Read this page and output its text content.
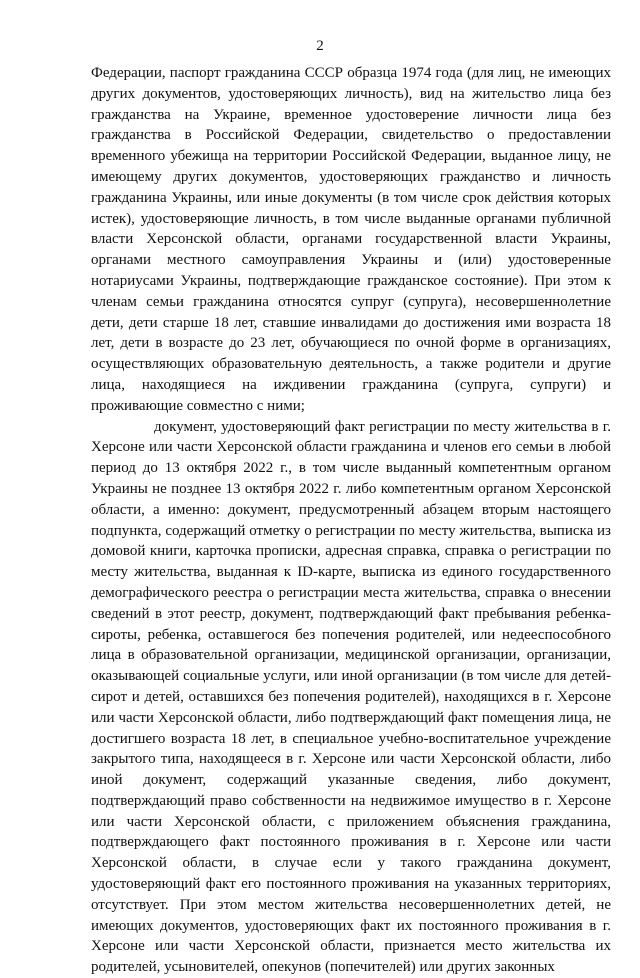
2

Федерации, паспорт гражданина СССР образца 1974 года (для лиц, не имеющих других документов, удостоверяющих личность), вид на жительство лица без гражданства на Украине, временное удостоверение личности лица без гражданства в Российской Федерации, свидетельство о предоставлении временного убежища на территории Российской Федерации, выданное лицу, не имеющему других документов, удостоверяющих гражданство и личность гражданина Украины, или иные документы (в том числе срок действия которых истек), удостоверяющие личность, в том числе выданные органами публичной власти Херсонской области, органами государственной власти Украины, органами местного самоуправления Украины и (или) удостоверенные нотариусами Украины, подтверждающие гражданское состояние). При этом к членам семьи гражданина относятся супруг (супруга), несовершеннолетние дети, дети старше 18 лет, ставшие инвалидами до достижения ими возраста 18 лет, дети в возрасте до 23 лет, обучающиеся по очной форме в организациях, осуществляющих образовательную деятельность, а также родители и другие лица, находящиеся на иждивении гражданина (супруга, супруги) и проживающие совместно с ними;

документ, удостоверяющий факт регистрации по месту жительства в г. Херсоне или части Херсонской области гражданина и членов его семьи в любой период до 13 октября 2022 г., в том числе выданный компетентным органом Украины не позднее 13 октября 2022 г. либо компетентным органом Херсонской области, а именно: документ, предусмотренный абзацем вторым настоящего подпункта, содержащий отметку о регистрации по месту жительства, выписка из домовой книги, карточка прописки, адресная справка, справка о регистрации по месту жительства, выданная к ID-карте, выписка из единого государственного демографического реестра о регистрации места жительства, справка о внесении сведений в этот реестр, документ, подтверждающий факт пребывания ребенка-сироты, ребенка, оставшегося без попечения родителей, или недееспособного лица в образовательной организации, медицинской организации, организации, оказывающей социальные услуги, или иной организации (в том числе для детей-сирот и детей, оставшихся без попечения родителей), находящихся в г. Херсоне или части Херсонской области, либо подтверждающий факт помещения лица, не достигшего возраста 18 лет, в специальное учебно-воспитательное учреждение закрытого типа, находящееся в г. Херсоне или части Херсонской области, либо иной документ, содержащий указанные сведения, либо документ, подтверждающий право собственности на недвижимое имущество в г. Херсоне или части Херсонской области, с приложением объяснения гражданина, подтверждающего факт постоянного проживания в г. Херсоне или части Херсонской области, в случае если у такого гражданина документ, удостоверяющий факт его постоянного проживания на указанных территориях, отсутствует. При этом местом жительства несовершеннолетних детей, не имеющих документов, удостоверяющих факт их постоянного проживания в г. Херсоне или части Херсонской области, признается место жительства их родителей, усыновителей, опекунов (попечителей) или других законных
